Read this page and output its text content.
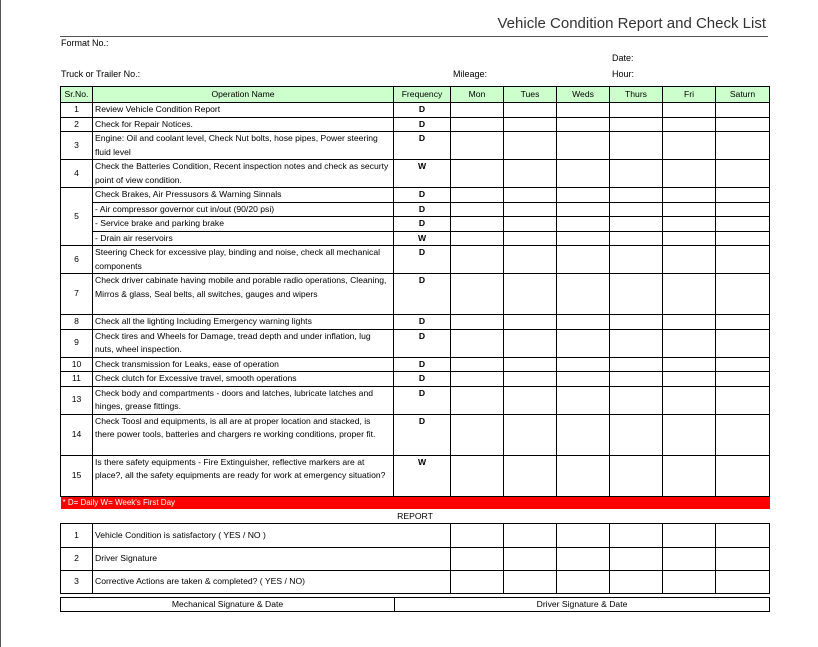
Vehicle Condition Report and Check List
Format No.:
Date:
Truck or Trailer No.:	Mileage:	Hour:
Sr.No.	Operation Name	Frequency	Mon	Tues	Weds	Thurs	Fri	Saturn
1	Review Vehicle Condition Report	D						
2	Check for Repair Notices.	D						
3	Engine: Oil and coolant level, Check Nut bolts, hose pipes, Power steering fluid level	D						
4	Check the Batteries Condition, Recent inspection notes and check as securty point of view condition.	W						
5	Check Brakes, Air Pressusors & Warning Sinnals	D						
	- Air compressor governor cut in/out (90/20 psi)	D						
	- Service brake and parking brake	D						
	- Drain air reservoirs	W						
6	Steering Check for excessive play, binding and noise, check all mechanical components	D						
7	Check driver cabinate having mobile and porable radio operations, Cleaning, Mirros & glass, Seal belts, all switches, gauges and wipers	D						
8	Check all the lighting Including Emergency warning lights	D						
9	Check tires and Wheels for Damage, tread depth and under inflation, lug nuts, wheel inspection.	D						
10	Check transmission for Leaks, ease of operation	D						
11	Check clutch for Excessive travel, smooth operations	D						
13	Check body and compartments - doors and latches, lubricate latches and hinges, grease fittings.	D						
14	Check Toosl and equipments, is all are at proper location and stacked, is there power tools, batteries and chargers re working conditions, proper fit.	D						
15	Is there safety equipments - Fire Extinguisher, reflective markers are at place?, all the safety equipments are ready for work at emergency situation?	W						
* D= Daily W= Week's First Day								
REPORT								
1	Vehicle Condition is satisfactory ( YES / NO )							
2	Driver Signature							
3	Corrective Actions are taken & completed? ( YES / NO)							
Mechanical Signature & Date	Driver Signature & Date
